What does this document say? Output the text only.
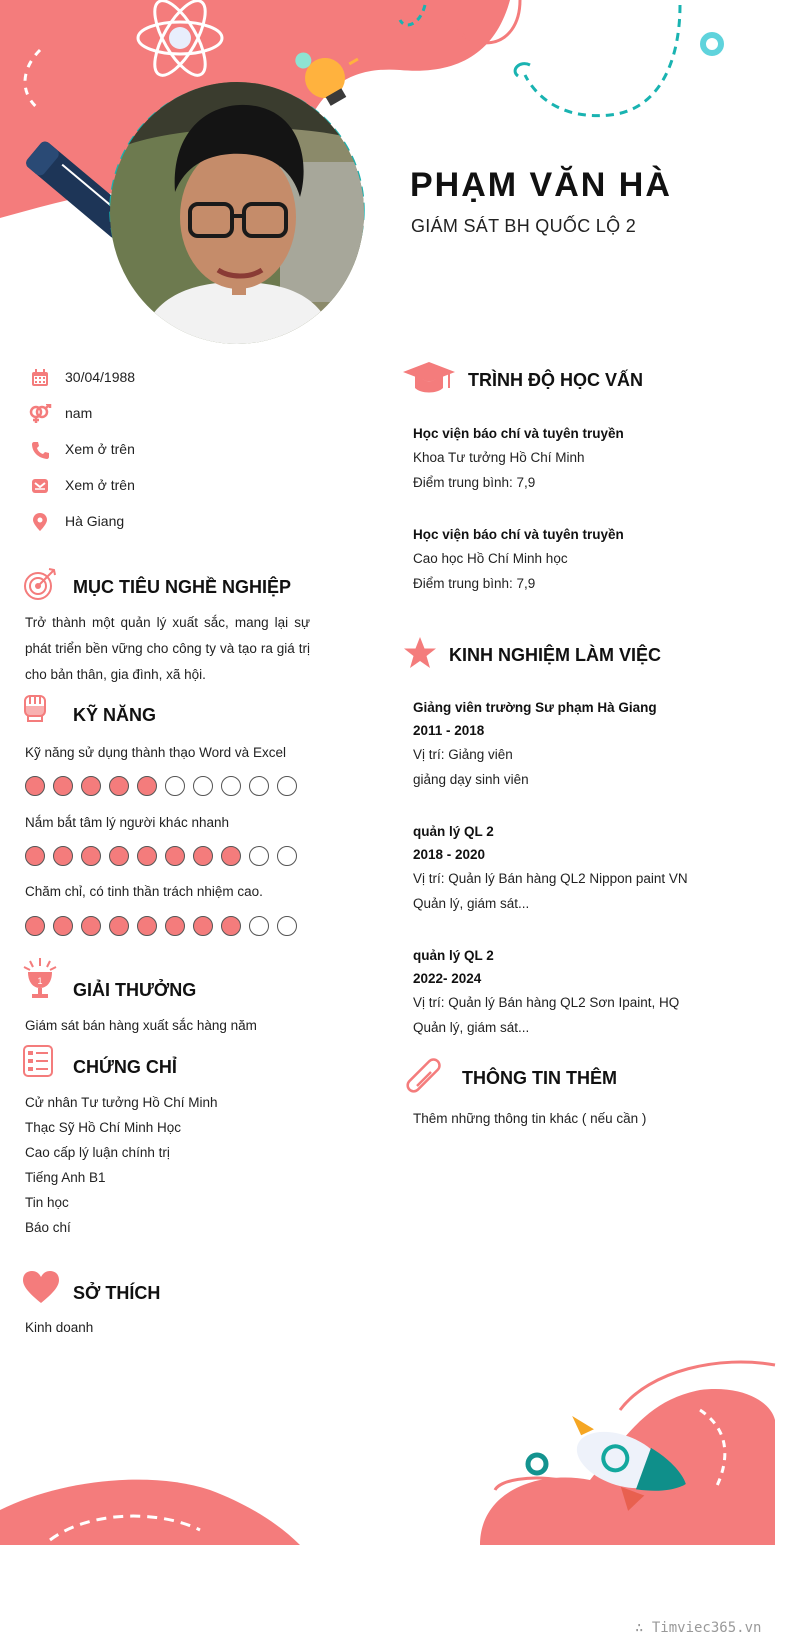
PHẠM VĂN HÀ
GIÁM SÁT BH QUỐC LỘ 2
30/04/1988
nam
Xem ở trên
Xem ở trên
Hà Giang
MỤC TIÊU NGHỀ NGHIỆP
Trở thành một quản lý xuất sắc, mang lại sự phát triển bền vững cho công ty và tạo ra giá trị cho bản thân, gia đình, xã hội.
KỸ NĂNG
Kỹ năng sử dụng thành thạo Word và Excel
Nắm bắt tâm lý người khác nhanh
Chăm chỉ, có tinh thần trách nhiệm cao.
1 GIẢI THƯỞNG
Giám sát bán hàng xuất sắc hàng năm
CHỨNG CHỈ
Cử nhân Tư tưởng Hồ Chí Minh
Thạc Sỹ Hồ Chí Minh Học
Cao cấp lý luận chính trị
Tiếng Anh B1
Tin học
Báo chí
SỞ THÍCH
Kinh doanh
TRÌNH ĐỘ HỌC VẤN
Học viện báo chí và tuyên truyền
Khoa Tư tưởng Hồ Chí Minh
Điểm trung bình: 7,9
Học viện báo chí và tuyên truyền
Cao học Hồ Chí Minh học
Điểm trung bình: 7,9
KINH NGHIỆM LÀM VIỆC
Giảng viên trường Sư phạm Hà Giang
2011 - 2018
Vị trí: Giảng viên
giảng dạy sinh viên
quản lý QL 2
2018 - 2020
Vị trí: Quản lý Bán hàng QL2 Nippon paint VN
Quản lý, giám sát...
quản lý QL 2
2022- 2024
Vị trí: Quản lý Bán hàng QL2 Sơn Ipaint, HQ
Quản lý, giám sát...
THÔNG TIN THÊM
Thêm những thông tin khác ( nếu cần )
∴ Timviec365.vn
